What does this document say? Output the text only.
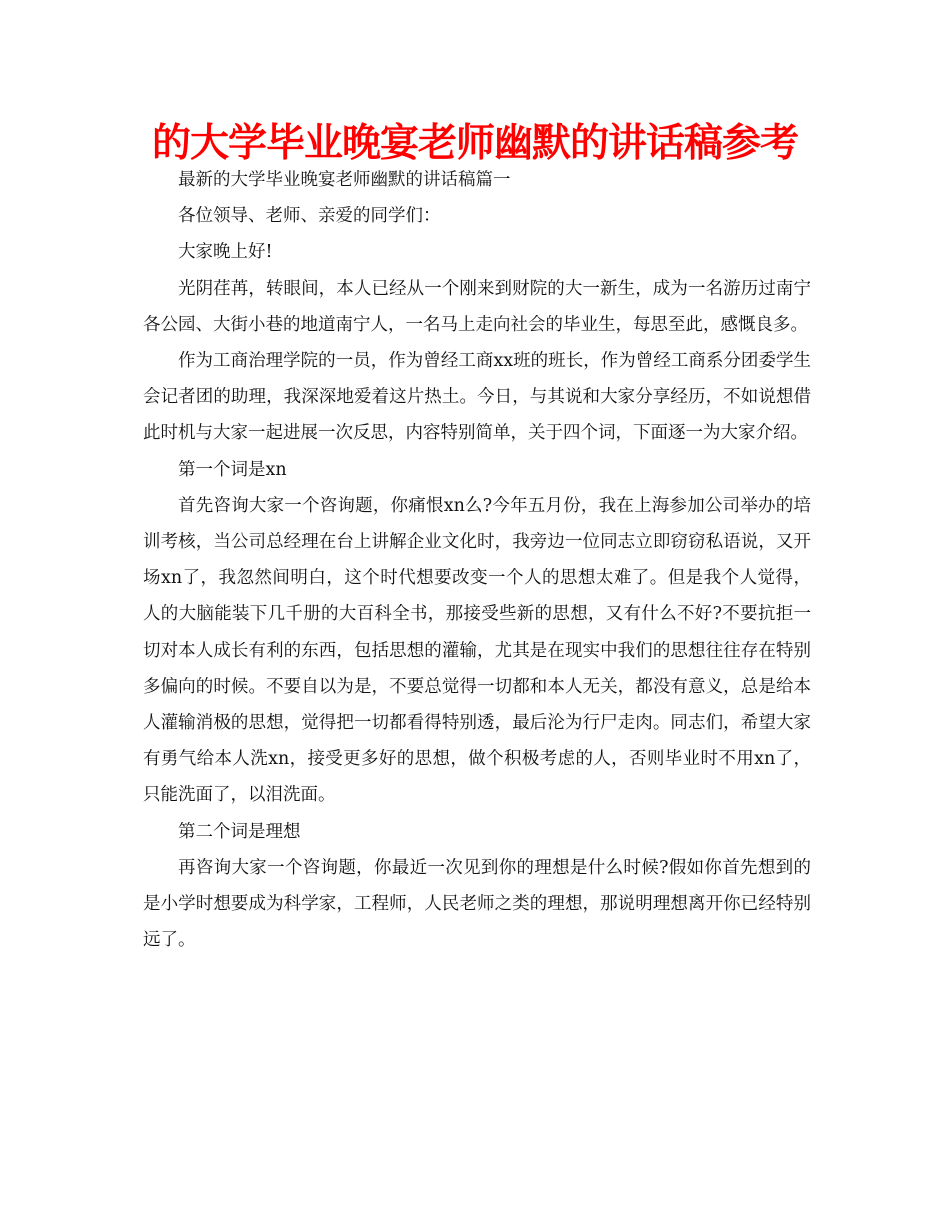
的大学毕业晚宴老师幽默的讲话稿参考

最新的大学毕业晚宴老师幽默的讲话稿篇一

各位领导、老师、亲爱的同学们：

大家晚上好!

光阴荏苒，转眼间，本人已经从一个刚来到财院的大一新生，成为一名游历过南宁各公园、大街小巷的地道南宁人，一名马上走向社会的毕业生，每思至此，感慨良多。

作为工商治理学院的一员，作为曾经工商xx班的班长，作为曾经工商系分团委学生会记者团的助理，我深深地爱着这片热土。今日，与其说和大家分享经历，不如说想借此时机与大家一起进展一次反思，内容特别简单，关于四个词，下面逐一为大家介绍。

第一个词是xn

首先咨询大家一个咨询题，你痛恨xn么?今年五月份，我在上海参加公司举办的培训考核，当公司总经理在台上讲解企业文化时，我旁边一位同志立即窃窃私语说，又开场xn了，我忽然间明白，这个时代想要改变一个人的思想太难了。但是我个人觉得，人的大脑能装下几千册的大百科全书，那接受些新的思想，又有什么不好?不要抗拒一切对本人成长有利的东西，包括思想的灌输，尤其是在现实中我们的思想往往存在特别多偏向的时候。不要自以为是，不要总觉得一切都和本人无关，都没有意义，总是给本人灌输消极的思想，觉得把一切都看得特别透，最后沦为行尸走肉。同志们，希望大家有勇气给本人洗xn，接受更多好的思想，做个积极考虑的人，否则毕业时不用xn了，只能洗面了，以泪洗面。

第二个词是理想

再咨询大家一个咨询题，你最近一次见到你的理想是什么时候?假如你首先想到的是小学时想要成为科学家，工程师，人民老师之类的理想，那说明理想离开你已经特别远了。
